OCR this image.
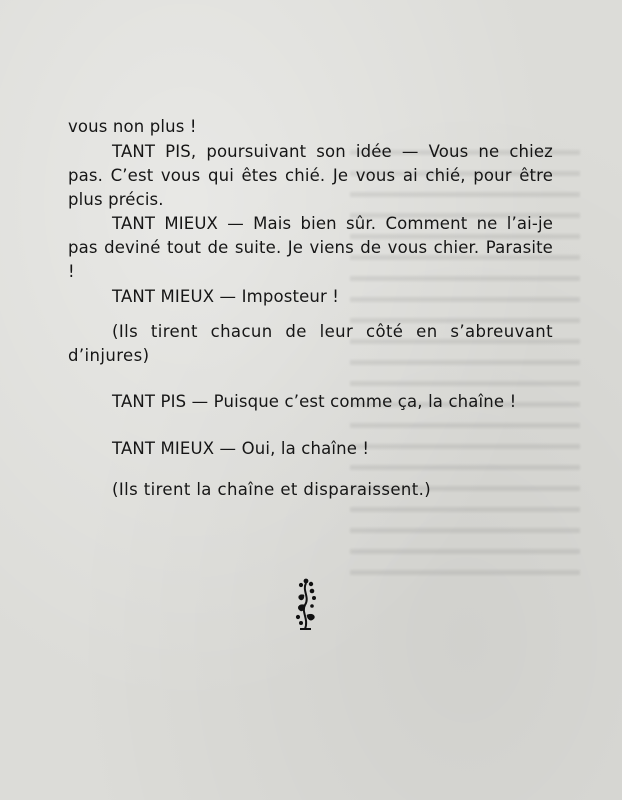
vous non plus !

TANT PIS, poursuivant son idée — Vous ne chiez pas. C’est vous qui êtes chié. Je vous ai chié, pour être plus précis.

TANT MIEUX — Mais bien sûr. Comment ne l’ai-je pas deviné tout de suite. Je viens de vous chier. Parasite !

TANT MIEUX — Imposteur !

(Ils tirent chacun de leur côté en s’abreuvant d’injures)

TANT PIS — Puisque c’est comme ça, la chaîne !

TANT MIEUX — Oui, la chaîne !

(Ils tirent la chaîne et disparaissent.)
